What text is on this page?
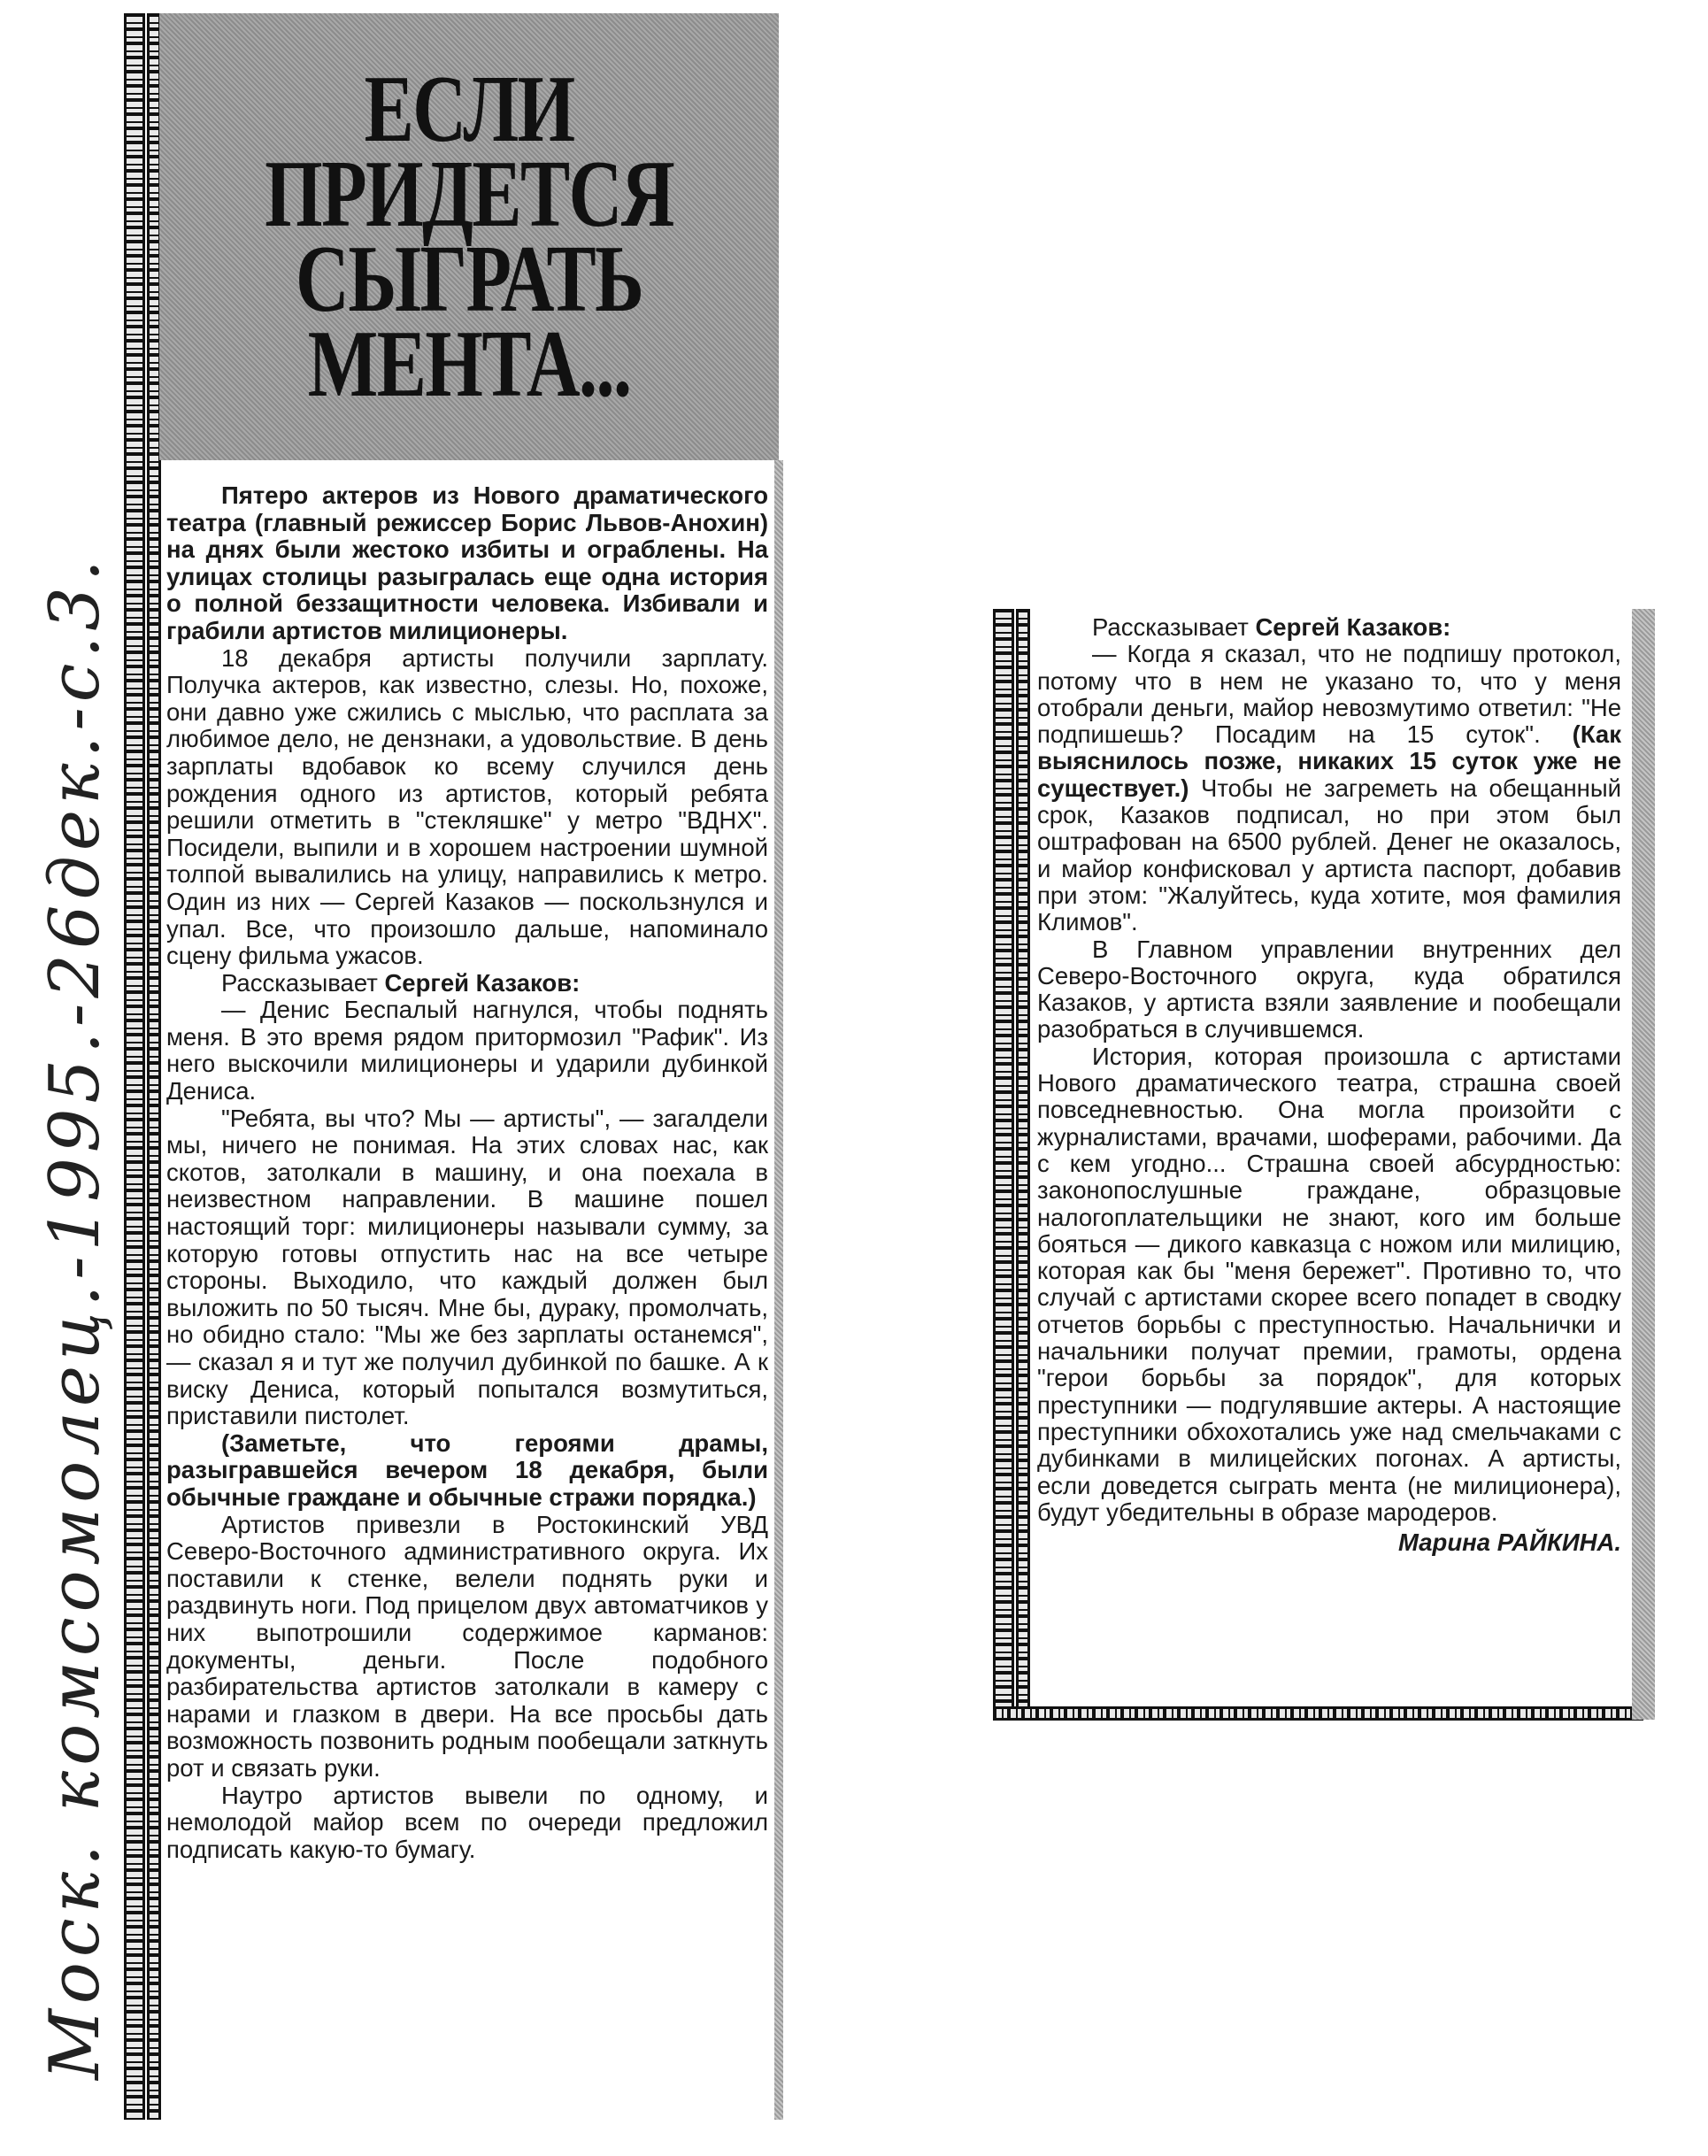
Моск. комсомолец.-1995.-26дек.-с.3.
ЕСЛИ
ПРИДЕТСЯ
СЫГРАТЬ
МЕНТА...

Пятеро актеров из Нового драматического театра (главный режиссер Борис Львов-Анохин) на днях были жестоко избиты и ограблены. На улицах столицы разыгралась еще одна история о полной беззащитности человека. Избивали и грабили артистов милиционеры.

18 декабря артисты получили зарплату. Получка актеров, как известно, слезы. Но, похоже, они давно уже сжились с мыслью, что расплата за любимое дело, не дензнаки, а удовольствие. В день зарплаты вдобавок ко всему случился день рождения одного из артистов, который ребята решили отметить в "стекляшке" у метро "ВДНХ". Посидели, выпили и в хорошем настроении шумной толпой вывалились на улицу, направились к метро. Один из них — Сергей Казаков — поскользнулся и упал. Все, что произошло дальше, напоминало сцену фильма ужасов.

Рассказывает Сергей Казаков:

— Денис Беспалый нагнулся, чтобы поднять меня. В это время рядом притормозил "Рафик". Из него выскочили милиционеры и ударили дубинкой Дениса.

"Ребята, вы что? Мы — артисты", — загалдели мы, ничего не понимая. На этих словах нас, как скотов, затолкали в машину, и она поехала в неизвестном направлении. В машине пошел настоящий торг: милиционеры называли сумму, за которую готовы отпустить нас на все четыре стороны. Выходило, что каждый должен был выложить по 50 тысяч. Мне бы, дураку, промолчать, но обидно стало: "Мы же без зарплаты останемся", — сказал я и тут же получил дубинкой по башке. А к виску Дениса, который попытался возмутиться, приставили пистолет.

(Заметьте, что героями драмы, разыгравшейся вечером 18 декабря, были обычные граждане и обычные стражи порядка.)

Артистов привезли в Ростокинский УВД Северо-Восточного административного округа. Их поставили к стенке, велели поднять руки и раздвинуть ноги. Под прицелом двух автоматчиков у них выпотрошили содержимое карманов: документы, деньги. После подобного разбирательства артистов затолкали в камеру с нарами и глазком в двери. На все просьбы дать возможность позвонить родным пообещали заткнуть рот и связать руки.

Наутро артистов вывели по одному, и немолодой майор всем по очереди предложил подписать какую-то бумагу.

Рассказывает Сергей Казаков:

— Когда я сказал, что не подпишу протокол, потому что в нем не указано то, что у меня отобрали деньги, майор невозмутимо ответил: "Не подпишешь? Посадим на 15 суток". (Как выяснилось позже, никаких 15 суток уже не существует.) Чтобы не загреметь на обещанный срок, Казаков подписал, но при этом был оштрафован на 6500 рублей. Денег не оказалось, и майор конфисковал у артиста паспорт, добавив при этом: "Жалуйтесь, куда хотите, моя фамилия Климов".

В Главном управлении внутренних дел Северо-Восточного округа, куда обратился Казаков, у артиста взяли заявление и пообещали разобраться в случившемся.

История, которая произошла с артистами Нового драматического театра, страшна своей повседневностью. Она могла произойти с журналистами, врачами, шоферами, рабочими. Да с кем угодно... Страшна своей абсурдностью: законопослушные граждане, образцовые налогоплательщики не знают, кого им больше бояться — дикого кавказца с ножом или милицию, которая как бы "меня бережет". Противно то, что случай с артистами скорее всего попадет в сводку отчетов борьбы с преступностью. Начальнички и начальники получат премии, грамоты, ордена "герои борьбы за порядок", для которых преступники — подгулявшие актеры. А настоящие преступники обхохотались уже над смельчаками с дубинками в милицейских погонах. А артисты, если доведется сыграть мента (не милиционера), будут убедительны в образе мародеров.

Марина РАЙКИНА.
